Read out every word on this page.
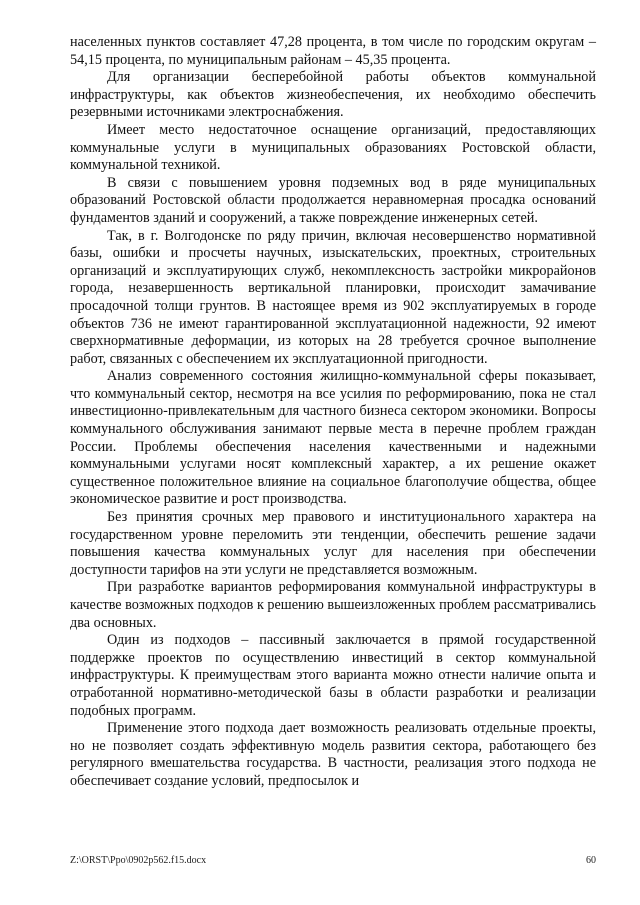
населенных пунктов составляет 47,28 процента, в том числе по городским округам – 54,15 процента, по муниципальным районам – 45,35 процента.

Для организации бесперебойной работы объектов коммунальной инфраструктуры, как объектов жизнеобеспечения, их необходимо обеспечить резервными источниками электроснабжения.

Имеет место недостаточное оснащение организаций, предоставляющих коммунальные услуги в муниципальных образованиях Ростовской области, коммунальной техникой.

В связи с повышением уровня подземных вод в ряде муниципальных образований Ростовской области продолжается неравномерная просадка оснований фундаментов зданий и сооружений, а также повреждение инженерных сетей.

Так, в г. Волгодонске по ряду причин, включая несовершенство нормативной базы, ошибки и просчеты научных, изыскательских, проектных, строительных организаций и эксплуатирующих служб, некомплексность застройки микрорайонов города, незавершенность вертикальной планировки, происходит замачивание просадочной толщи грунтов. В настоящее время из 902 эксплуатируемых в городе объектов 736 не имеют гарантированной эксплуатационной надежности, 92 имеют сверхнормативные деформации, из которых на 28 требуется срочное выполнение работ, связанных с обеспечением их эксплуатационной пригодности.

Анализ современного состояния жилищно-коммунальной сферы показывает, что коммунальный сектор, несмотря на все усилия по реформированию, пока не стал инвестиционно-привлекательным для частного бизнеса сектором экономики. Вопросы коммунального обслуживания занимают первые места в перечне проблем граждан России. Проблемы обеспечения населения качественными и надежными коммунальными услугами носят комплексный характер, а их решение окажет существенное положительное влияние на социальное благополучие общества, общее экономическое развитие и рост производства.

Без принятия срочных мер правового и институционального характера на государственном уровне переломить эти тенденции, обеспечить решение задачи повышения качества коммунальных услуг для населения при обеспечении доступности тарифов на эти услуги не представляется возможным.

При разработке вариантов реформирования коммунальной инфраструктуры в качестве возможных подходов к решению вышеизложенных проблем рассматривались два основных.

Один из подходов – пассивный заключается в прямой государственной поддержке проектов по осуществлению инвестиций в сектор коммунальной инфраструктуры. К преимуществам этого варианта можно отнести наличие опыта и отработанной нормативно-методической базы в области разработки и реализации подобных программ.

Применение этого подхода дает возможность реализовать отдельные проекты, но не позволяет создать эффективную модель развития сектора, работающего без регулярного вмешательства государства. В частности, реализация этого подхода не обеспечивает создание условий, предпосылок и

Z:\ORST\Ppo\0902p562.f15.docx	60
